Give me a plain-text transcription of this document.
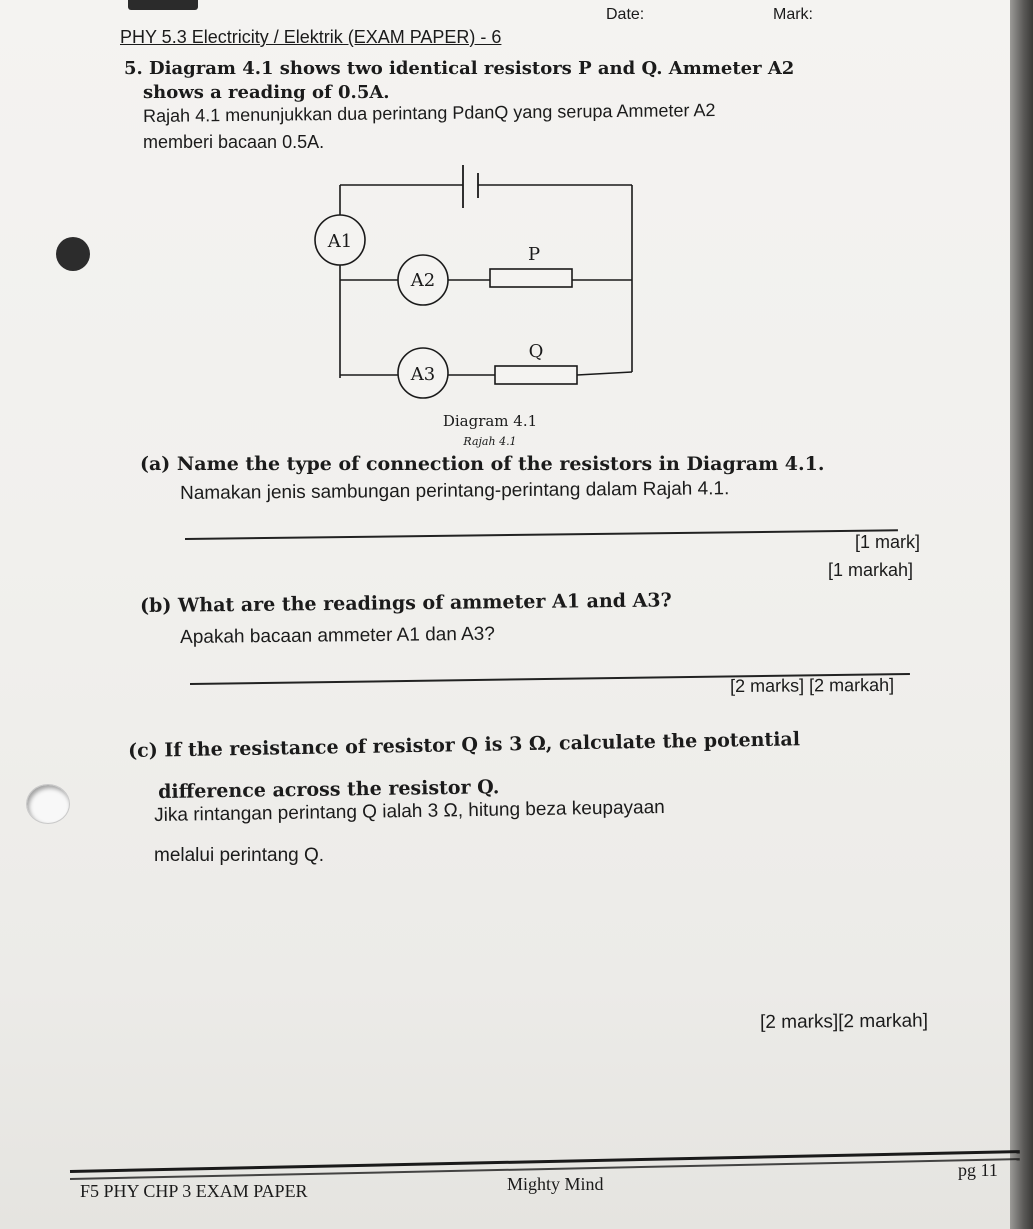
Date:	Mark:
PHY 5.3 Electricity / Elektrik (EXAM PAPER) - 6
5. Diagram 4.1 shows two identical resistors P and Q. Ammeter A2
shows a reading of 0.5A.
Rajah 4.1 menunjukkan dua perintang PdanQ yang serupa Ammeter A2
memberi bacaan 0.5A.
A1
A2
A3
P
Q
Diagram 4.1
Rajah 4.1
(a) Name the type of connection of the resistors in Diagram 4.1.
Namakan jenis sambungan perintang-perintang dalam Rajah 4.1.
[1 mark]
[1 markah]
(b) What are the readings of ammeter A1 and A3?
Apakah bacaan ammeter A1 dan A3?
[2 marks] [2 markah]
(c) If the resistance of resistor Q is 3 Ω, calculate the potential
difference across the resistor Q.
Jika rintangan perintang Q ialah 3 Ω, hitung beza keupayaan
melalui perintang Q.
[2 marks][2 markah]
F5 PHY CHP 3 EXAM PAPER	Mighty Mind
pg 11
